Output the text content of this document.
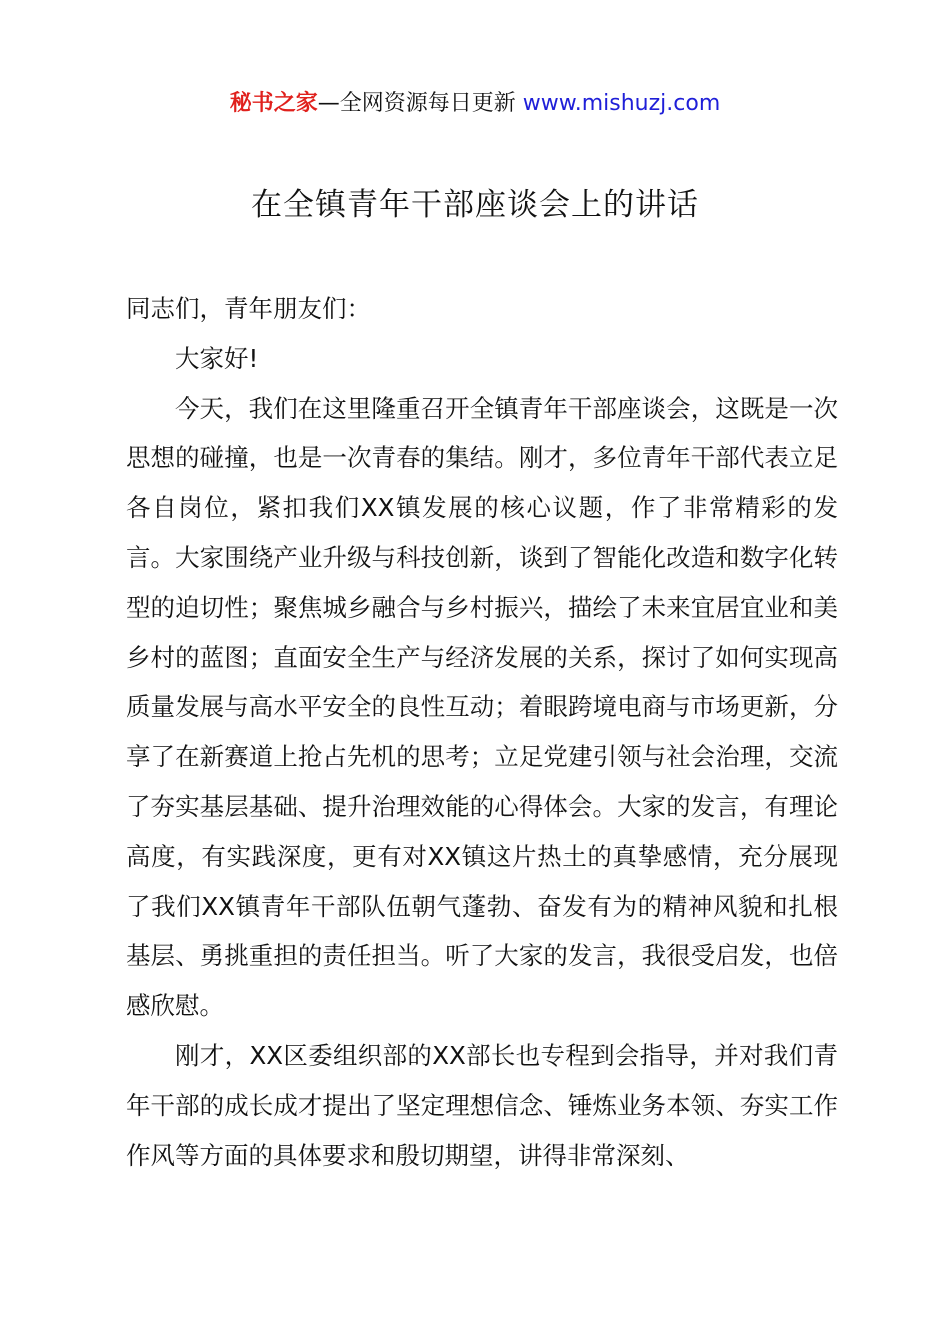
秘书之家—全网资源每日更新 www.mishuzj.com
在全镇青年干部座谈会上的讲话

同志们，青年朋友们：

大家好!

今天，我们在这里隆重召开全镇青年干部座谈会，这既是一次思想的碰撞，也是一次青春的集结。刚才，多位青年干部代表立足各自岗位，紧扣我们XX镇发展的核心议题，作了非常精彩的发言。大家围绕产业升级与科技创新，谈到了智能化改造和数字化转型的迫切性；聚焦城乡融合与乡村振兴，描绘了未来宜居宜业和美乡村的蓝图；直面安全生产与经济发展的关系，探讨了如何实现高质量发展与高水平安全的良性互动；着眼跨境电商与市场更新，分享了在新赛道上抢占先机的思考；立足党建引领与社会治理，交流了夯实基层基础、提升治理效能的心得体会。大家的发言，有理论高度，有实践深度，更有对XX镇这片热土的真挚感情，充分展现了我们XX镇青年干部队伍朝气蓬勃、奋发有为的精神风貌和扎根基层、勇挑重担的责任担当。听了大家的发言，我很受启发，也倍感欣慰。

刚才，XX区委组织部的XX部长也专程到会指导，并对我们青年干部的成长成才提出了坚定理想信念、锤炼业务本领、夯实工作作风等方面的具体要求和殷切期望，讲得非常深刻、
